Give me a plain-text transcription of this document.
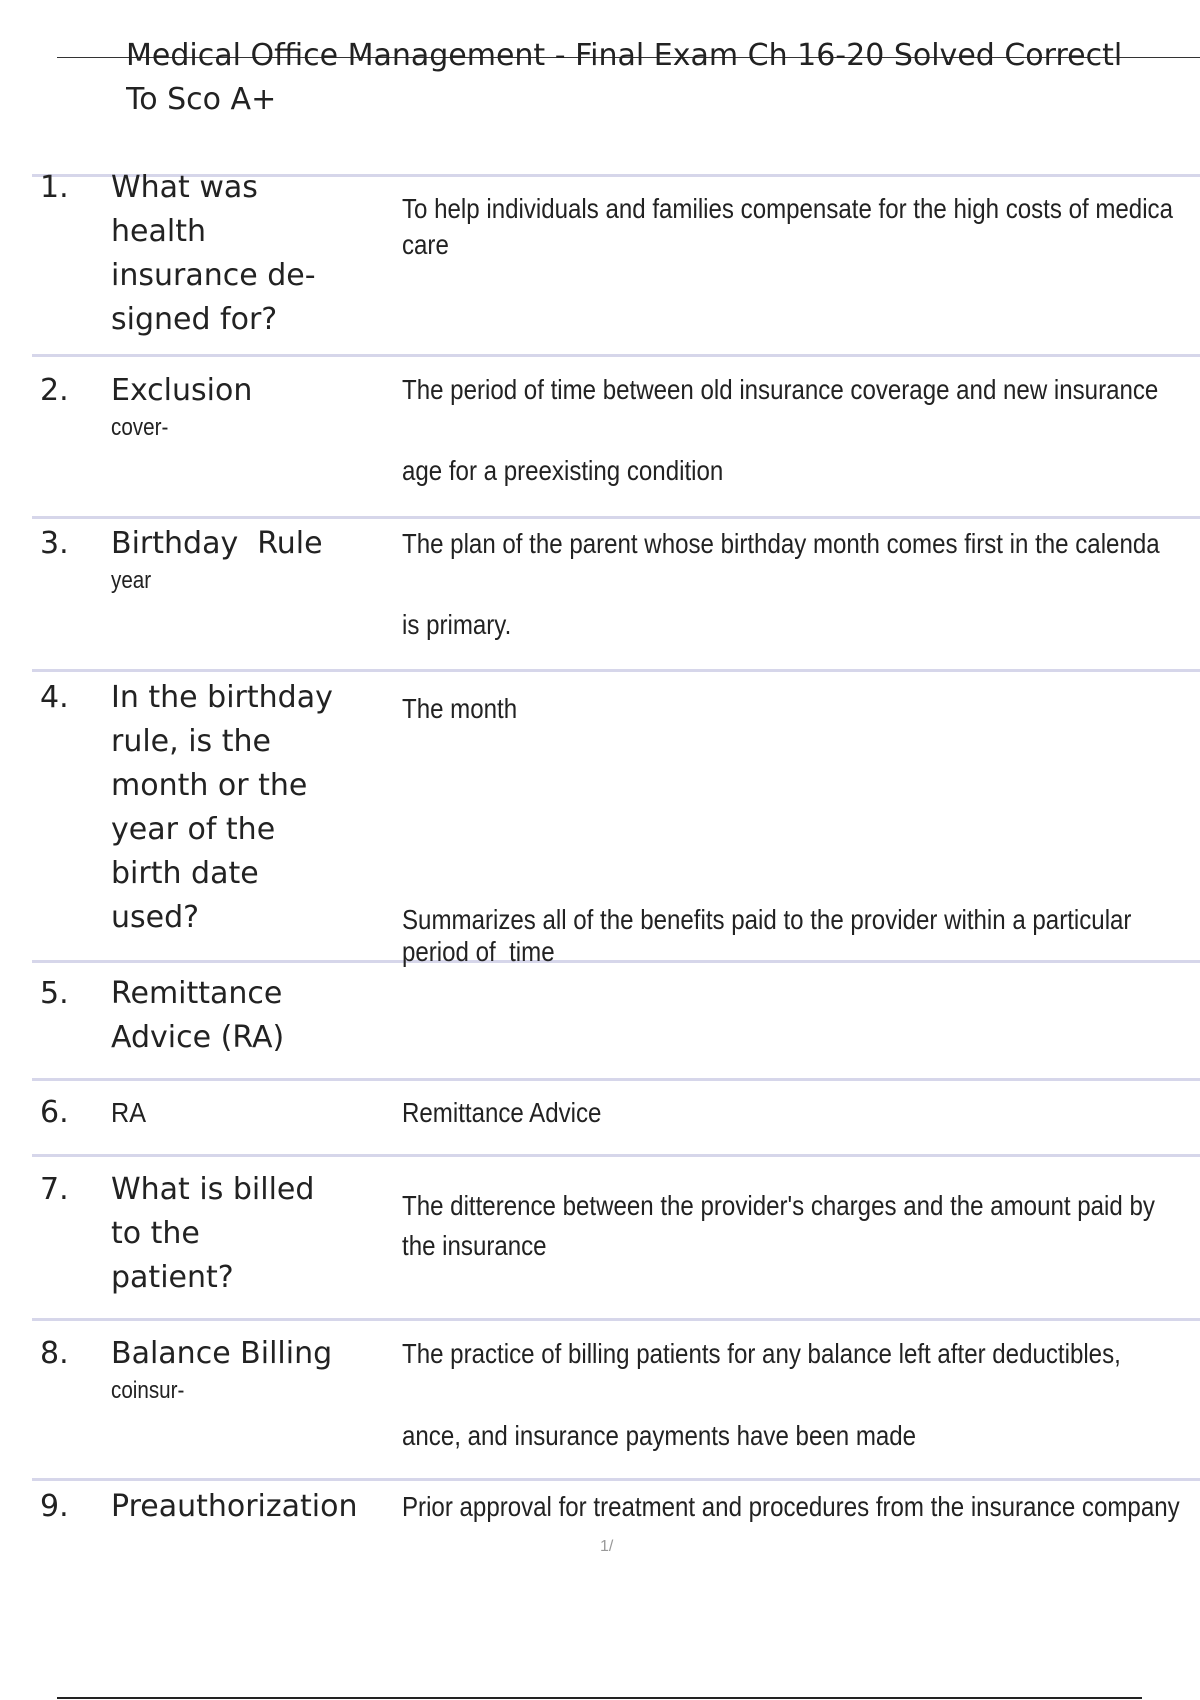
Medical Office Management - Final Exam Ch 16-20 Solved Correctl
To Sco A+
1. What was
health
insurance de-
signed for?
To help individuals and families compensate for the high costs of medica
care
2. Exclusion
cover-
The period of time between old insurance coverage and new insurance
age for a preexisting condition
3. Birthday  Rule
year
The plan of the parent whose birthday month comes first in the calenda
is primary.
4. In the birthday
rule, is the
month or the
year of the
birth date
used?
The month
5. Remittance
Advice (RA)
Summarizes all of the benefits paid to the provider within a particular
period of  time
6. RA	Remittance Advice
7. What is billed
to the
patient?
The ditterence between the provider's charges and the amount paid by
the insurance
8. Balance Billing
coinsur-
The practice of billing patients for any balance left after deductibles,
ance, and insurance payments have been made
9. Preauthorization	Prior approval for treatment and procedures from the insurance company
1/
